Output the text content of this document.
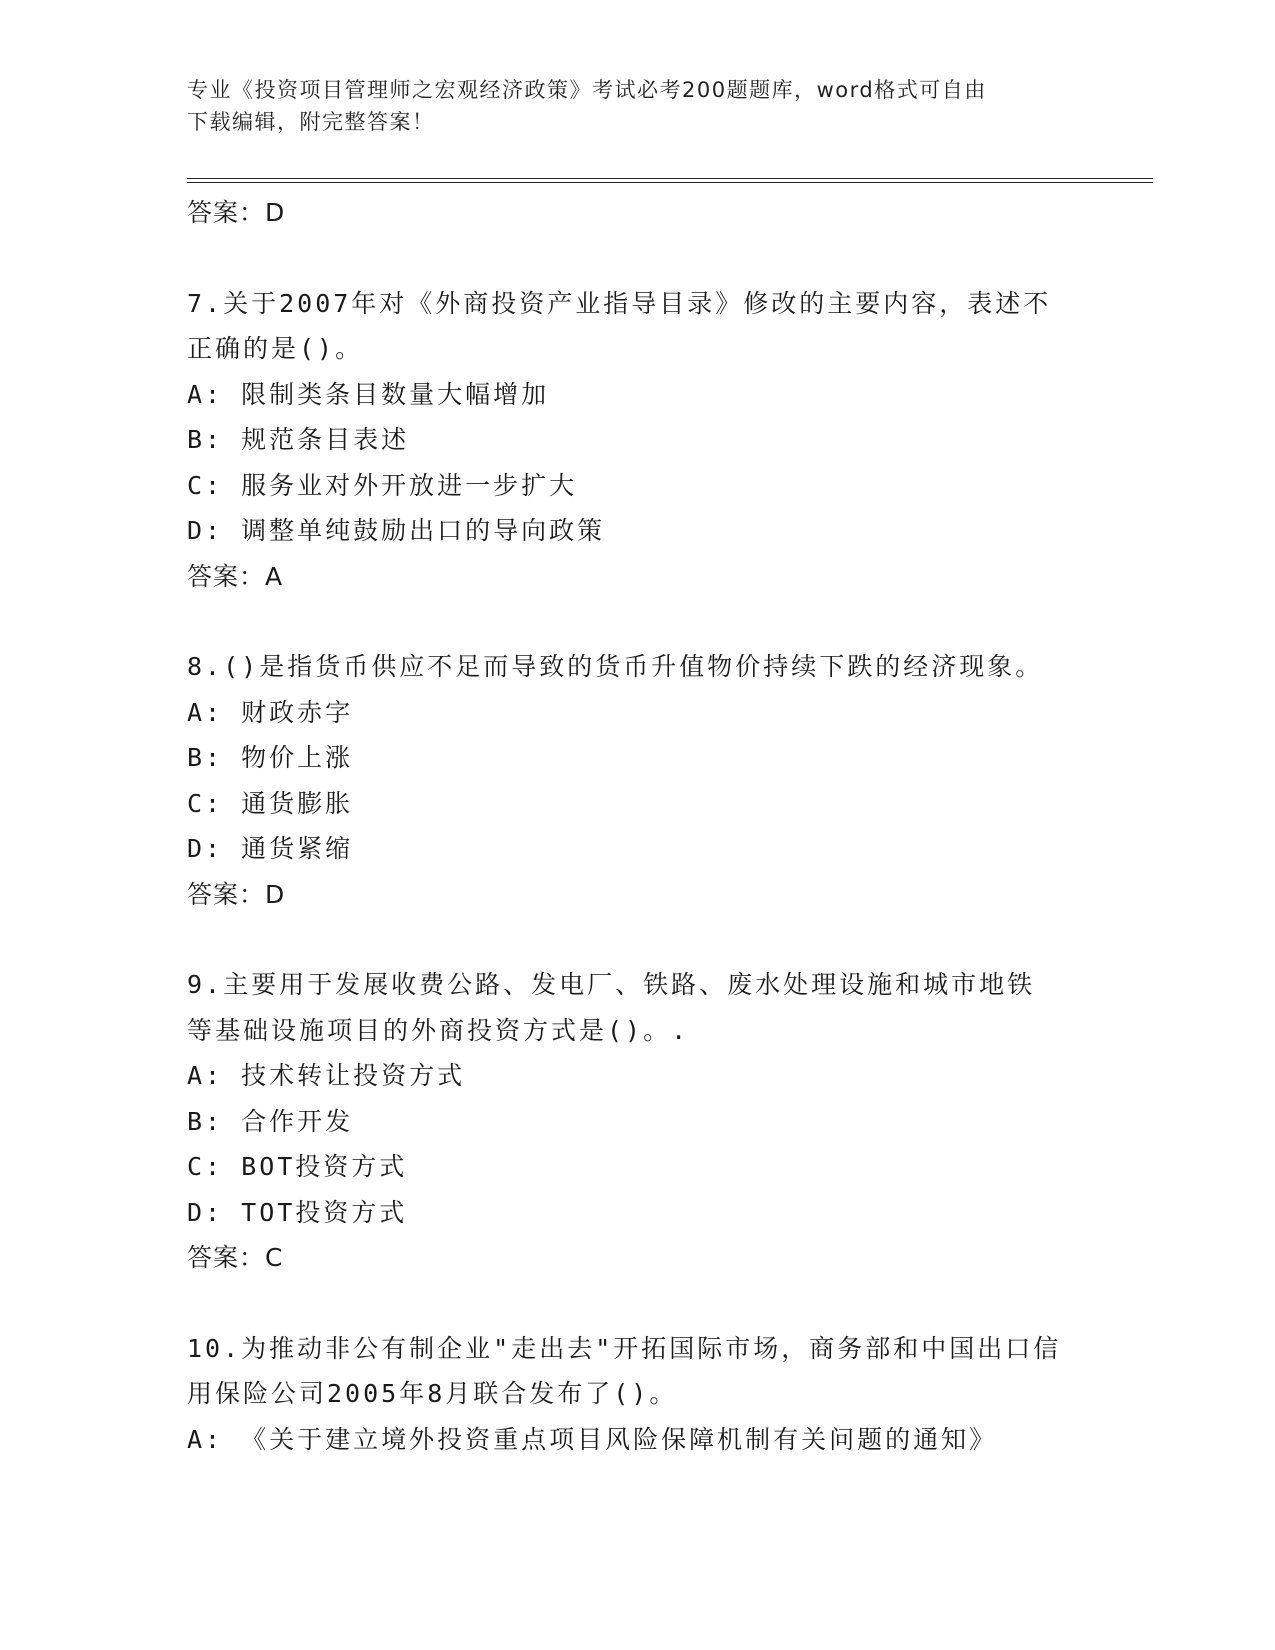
专业《投资项目管理师之宏观经济政策》考试必考200题题库，word格式可自由
下载编辑，附完整答案！
答案：D
7.关于2007年对《外商投资产业指导目录》修改的主要内容，表述不
正确的是()。
A: 限制类条目数量大幅增加
B: 规范条目表述
C: 服务业对外开放进一步扩大
D: 调整单纯鼓励出口的导向政策
答案：A
8.()是指货币供应不足而导致的货币升值物价持续下跌的经济现象。
A: 财政赤字
B: 物价上涨
C: 通货膨胀
D: 通货紧缩
答案：D
9.主要用于发展收费公路、发电厂、铁路、废水处理设施和城市地铁
等基础设施项目的外商投资方式是()。.
A: 技术转让投资方式
B: 合作开发
C: BOT投资方式
D: TOT投资方式
答案：C
10.为推动非公有制企业"走出去"开拓国际市场，商务部和中国出口信
用保险公司2005年8月联合发布了()。
A: 《关于建立境外投资重点项目风险保障机制有关问题的通知》
